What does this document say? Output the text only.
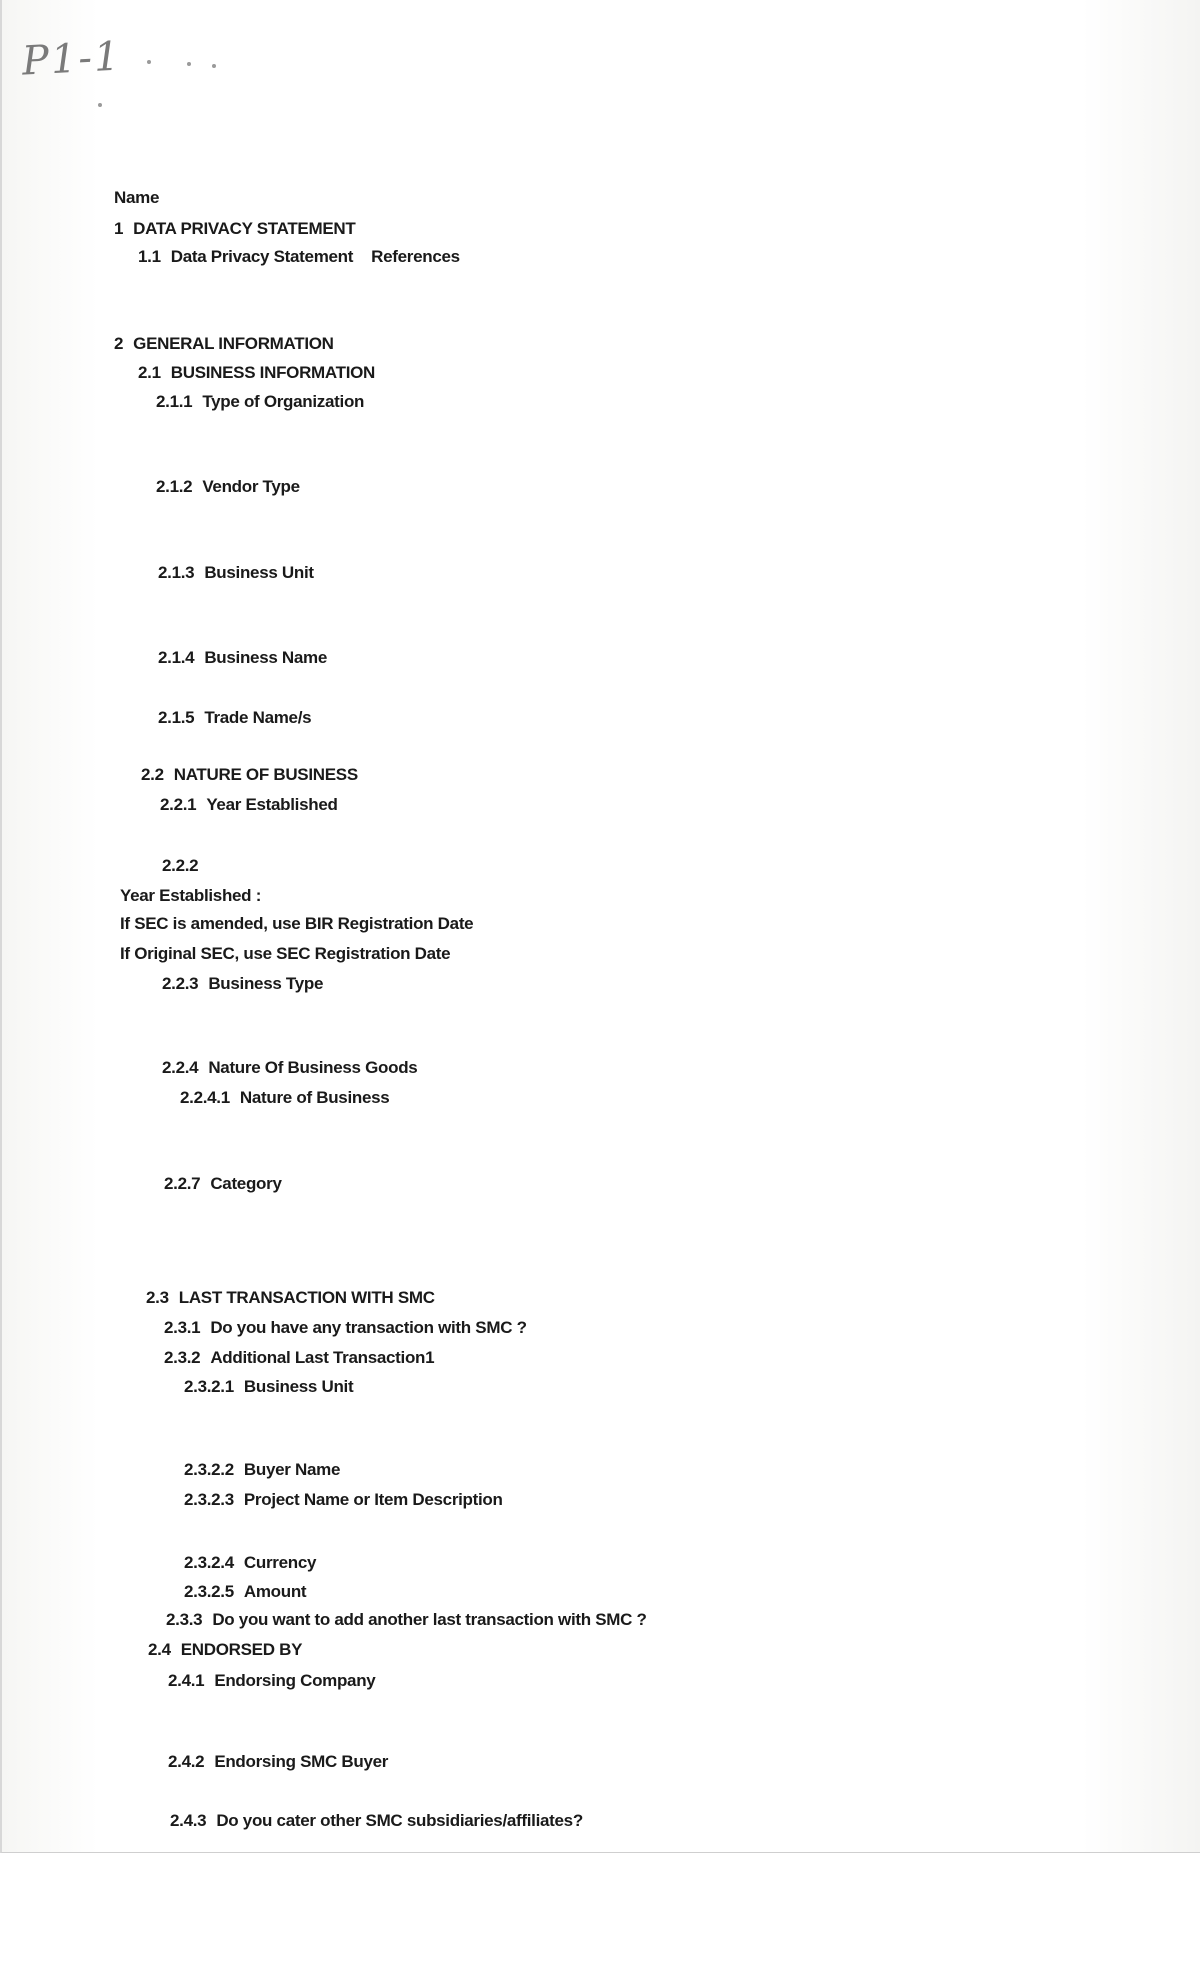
P1-1
Name
1 DATA PRIVACY STATEMENT
1.1 Data Privacy Statement References
2 GENERAL INFORMATION
2.1 BUSINESS INFORMATION
2.1.1 Type of Organization
2.1.2 Vendor Type
2.1.3 Business Unit
2.1.4 Business Name
2.1.5 Trade Name/s
2.2 NATURE OF BUSINESS
2.2.1 Year Established
2.2.2
Year Established :
If SEC is amended, use BIR Registration Date
If Original SEC, use SEC Registration Date
2.2.3 Business Type
2.2.4 Nature Of Business Goods
2.2.4.1 Nature of Business
2.2.7 Category
2.3 LAST TRANSACTION WITH SMC
2.3.1 Do you have any transaction with SMC ?
2.3.2 Additional Last Transaction1
2.3.2.1 Business Unit
2.3.2.2 Buyer Name
2.3.2.3 Project Name or Item Description
2.3.2.4 Currency
2.3.2.5 Amount
2.3.3 Do you want to add another last transaction with SMC ?
2.4 ENDORSED BY
2.4.1 Endorsing Company
2.4.2 Endorsing SMC Buyer
2.4.3 Do you cater other SMC subsidiaries/affiliates?
